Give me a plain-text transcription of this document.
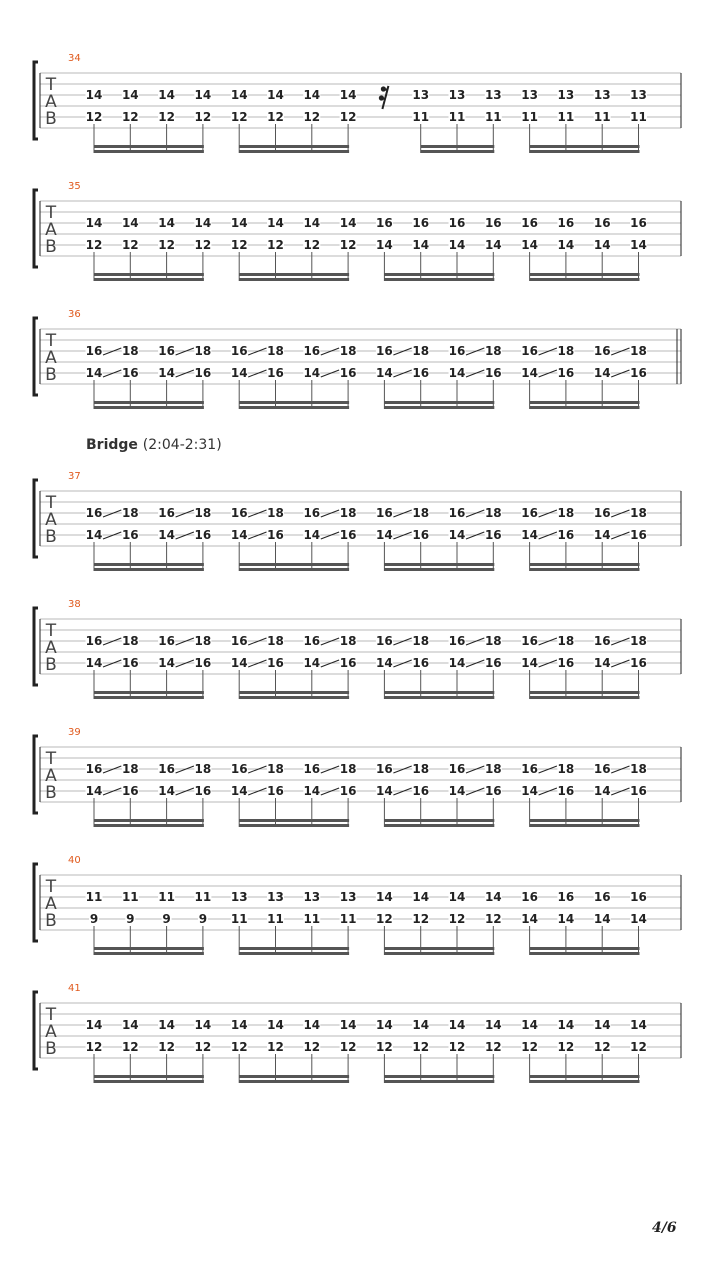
T
A
B
34
14
12
14
12
14
12
14
12
14
12
14
12
14
12
14
12
13
11
13
11
13
11
13
11
13
11
13
11
13
11
T
A
B
35
14
12
14
12
14
12
14
12
14
12
14
12
14
12
14
12
16
14
16
14
16
14
16
14
16
14
16
14
16
14
16
14
T
A
B
36
16
14
18
16
16
14
18
16
16
14
18
16
16
14
18
16
16
14
18
16
16
14
18
16
16
14
18
16
16
14
18
16
T
A
B
37
16
14
18
16
16
14
18
16
16
14
18
16
16
14
18
16
16
14
18
16
16
14
18
16
16
14
18
16
16
14
18
16
T
A
B
38
16
14
18
16
16
14
18
16
16
14
18
16
16
14
18
16
16
14
18
16
16
14
18
16
16
14
18
16
16
14
18
16
T
A
B
39
16
14
18
16
16
14
18
16
16
14
18
16
16
14
18
16
16
14
18
16
16
14
18
16
16
14
18
16
16
14
18
16
T
A
B
40
11
9
11
9
11
9
11
9
13
11
13
11
13
11
13
11
14
12
14
12
14
12
14
12
16
14
16
14
16
14
16
14
T
A
B
41
14
12
14
12
14
12
14
12
14
12
14
12
14
12
14
12
14
12
14
12
14
12
14
12
14
12
14
12
14
12
14
12
Bridge (2:04-2:31)
4/6
